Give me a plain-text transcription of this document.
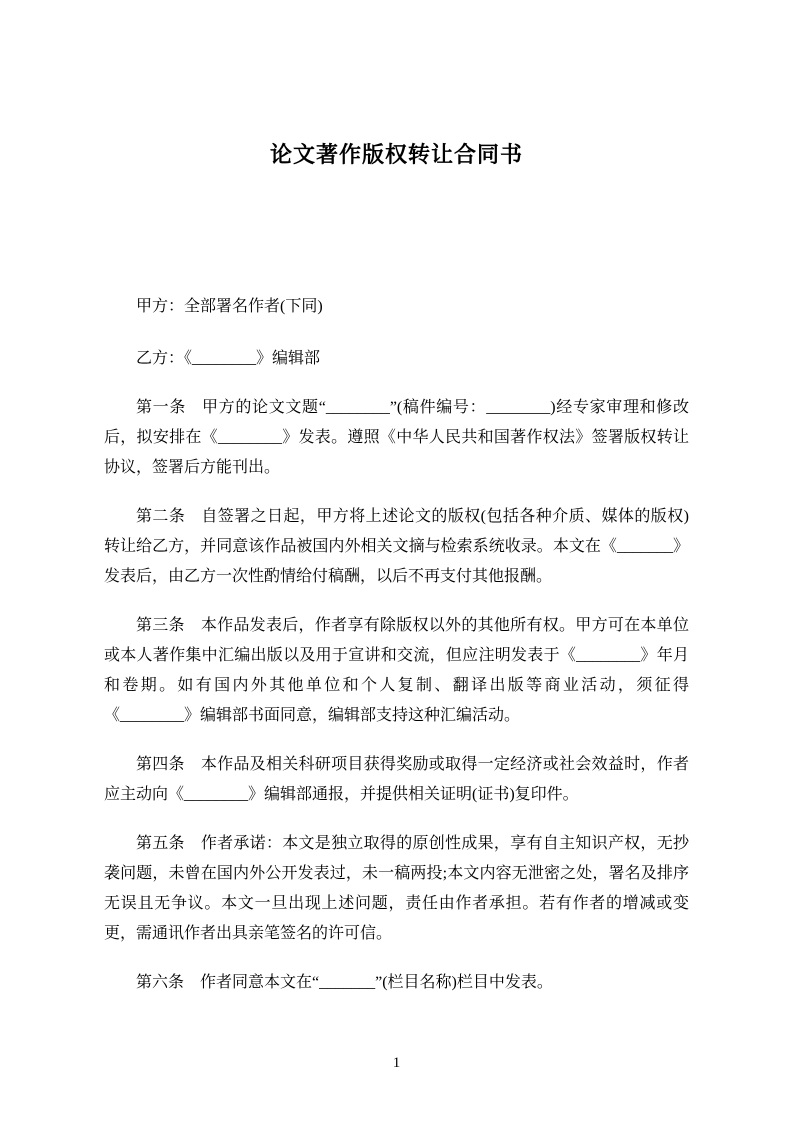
论文著作版权转让合同书

甲方：全部署名作者(下同)

乙方：《________》编辑部

第一条 甲方的论文文题“________”(稿件编号：________)经专家审理和修改后，拟安排在《________》发表。遵照《中华人民共和国著作权法》签署版权转让协议，签署后方能刊出。

第二条 自签署之日起，甲方将上述论文的版权(包括各种介质、媒体的版权)转让给乙方，并同意该作品被国内外相关文摘与检索系统收录。本文在《_______》发表后，由乙方一次性酌情给付稿酬，以后不再支付其他报酬。

第三条 本作品发表后，作者享有除版权以外的其他所有权。甲方可在本单位或本人著作集中汇编出版以及用于宣讲和交流，但应注明发表于《________》年月和卷期。如有国内外其他单位和个人复制、翻译出版等商业活动，须征得《________》编辑部书面同意，编辑部支持这种汇编活动。

第四条 本作品及相关科研项目获得奖励或取得一定经济或社会效益时，作者应主动向《________》编辑部通报，并提供相关证明(证书)复印件。

第五条 作者承诺：本文是独立取得的原创性成果，享有自主知识产权，无抄袭问题，未曾在国内外公开发表过，未一稿两投;本文内容无泄密之处，署名及排序无误且无争议。本文一旦出现上述问题，责任由作者承担。若有作者的增减或变更，需通讯作者出具亲笔签名的许可信。

第六条 作者同意本文在“_______”(栏目名称)栏目中发表。

1
